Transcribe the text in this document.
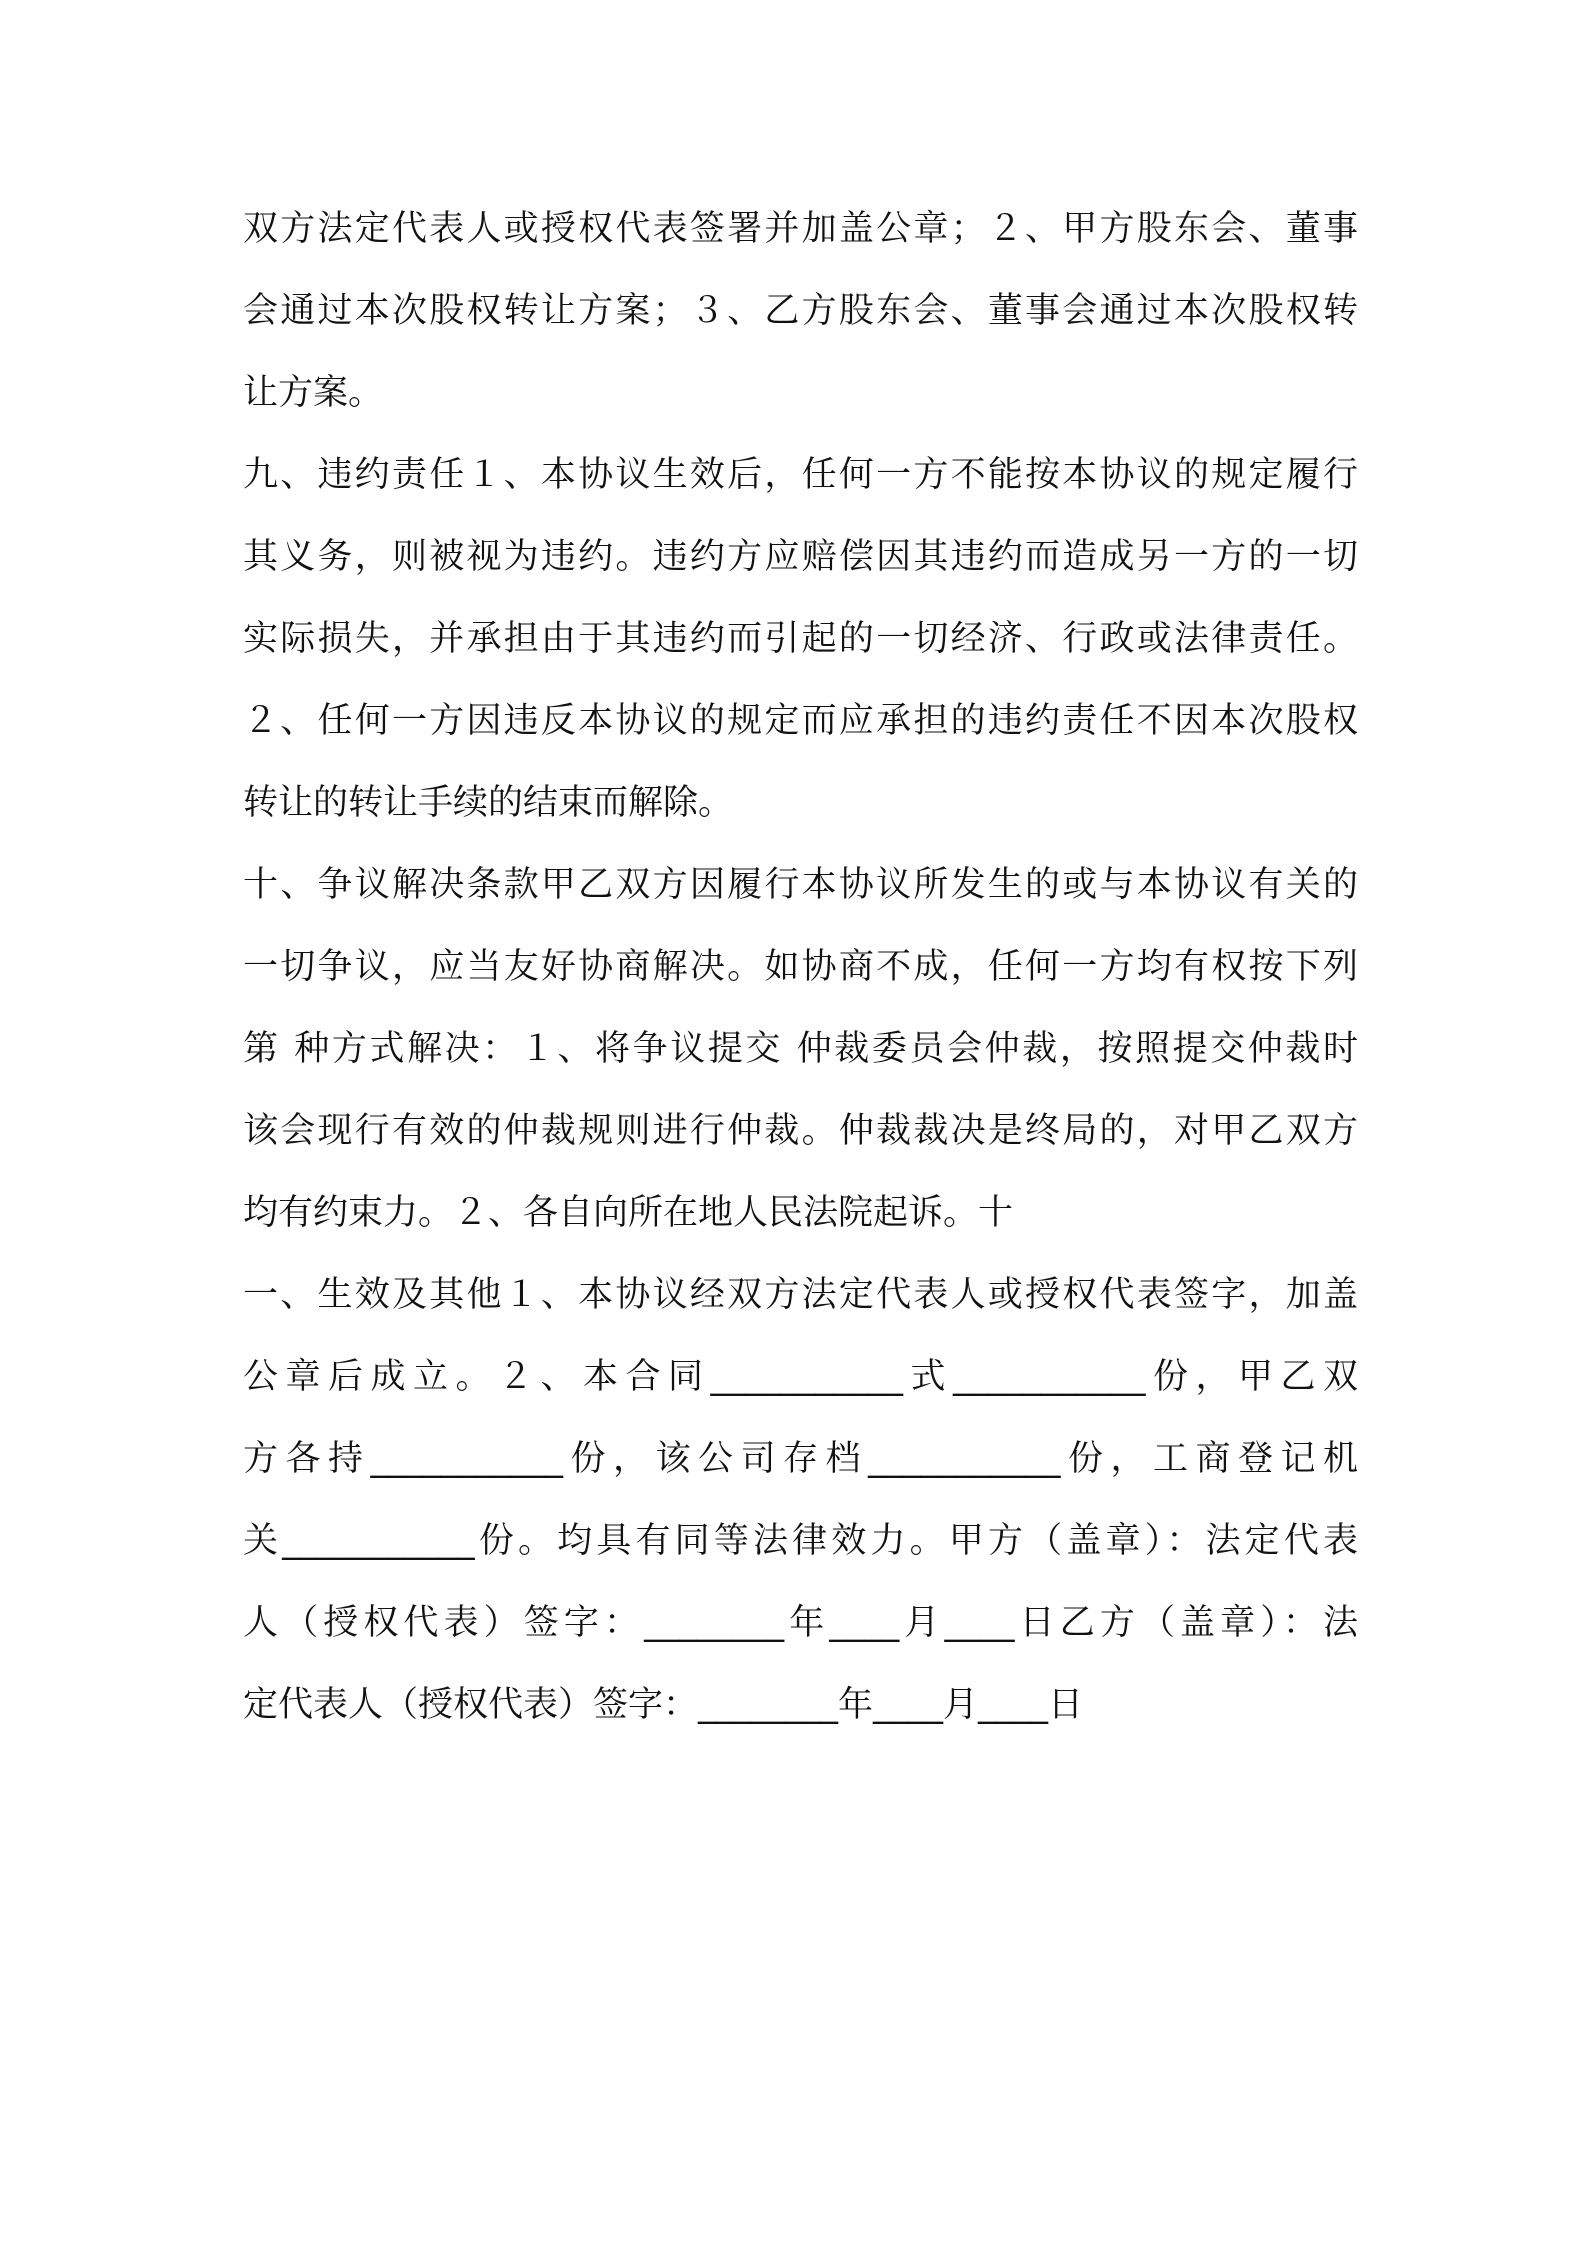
双方法定代表人或授权代表签署并加盖公章；２、甲方股东会、董事
会通过本次股权转让方案；３、乙方股东会、董事会通过本次股权转
让方案。
九、违约责任１、本协议生效后，任何一方不能按本协议的规定履行
其义务，则被视为违约。违约方应赔偿因其违约而造成另一方的一切
实际损失，并承担由于其违约而引起的一切经济、行政或法律责任。
２、任何一方因违反本协议的规定而应承担的违约责任不因本次股权
转让的转让手续的结束而解除。
十、争议解决条款甲乙双方因履行本协议所发生的或与本协议有关的
一切争议，应当友好协商解决。如协商不成，任何一方均有权按下列
第 种方式解决：１、将争议提交 仲裁委员会仲裁，按照提交仲裁时
该会现行有效的仲裁规则进行仲裁。仲裁裁决是终局的，对甲乙双方
均有约束力。２、各自向所在地人民法院起诉。十
一、生效及其他１、本协议经双方法定代表人或授权代表签字，加盖
公章后成立。２、本合同___________式___________份，甲乙双
方各持___________份，该公司存档___________份，工商登记机
关___________份。均具有同等法律效力。甲方（盖章）：法定代表
人（授权代表）签字：________年____月____日乙方（盖章）：法
定代表人（授权代表）签字：________年____月____日
